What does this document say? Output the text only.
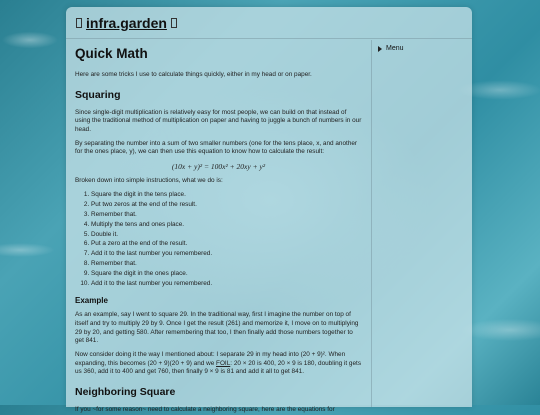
infra.garden
Quick Math

Here are some tricks I use to calculate things quickly, either in my head or on paper.

Squaring

Since single-digit multiplication is relatively easy for most people, we can build on that instead of using the traditional method of multiplication on paper and having to juggle a bunch of numbers in our head.

By separating the number into a sum of two smaller numbers (one for the tens place, x, and another for the ones place, y), we can then use this equation to know how to calculate the result:

(10x + y)² = 100x² + 20xy + y²

Broken down into simple instructions, what we do is:

1. Square the digit in the tens place.
2. Put two zeros at the end of the result.
3. Remember that.
4. Multiply the tens and ones place.
5. Double it.
6. Put a zero at the end of the result.
7. Add it to the last number you remembered.
8. Remember that.
9. Square the digit in the ones place.
10. Add it to the last number you remembered.
Example

As an example, say I went to square 29. In the traditional way, first I imagine the number on top of itself and try to multiply 29 by 9. Once I get the result (261) and memorize it, I move on to multiplying 29 by 20, and getting 580. After remembering that too, I then finally add those numbers together to get 841.

Now consider doing it the way I mentioned about: I separate 29 in my head into (20 + 9)². When expanding, this becomes (20 + 9)(20 + 9) and we FOIL: 20 × 20 is 400, 20 × 9 is 180, doubling it gets us 360, add it to 400 and get 760, then finally 9 × 9 is 81 and add it all to get 841.

Neighboring Square

If you ~for some reason~ need to calculate a neighboring square, here are the equations for

Menu
